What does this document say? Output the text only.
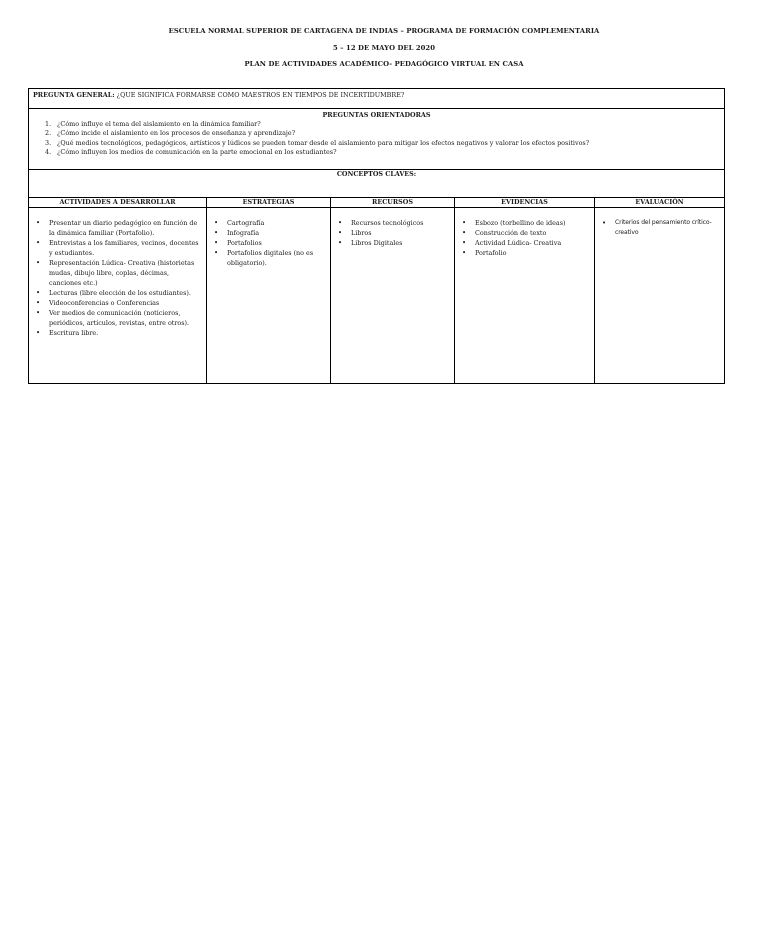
ESCUELA NORMAL SUPERIOR DE CARTAGENA DE INDIAS – PROGRAMA DE FORMACIÓN COMPLEMENTARIA
5 – 12 DE MAYO DEL 2020
PLAN DE ACTIVIDADES ACADÉMICO- PEDAGÓGICO VIRTUAL EN CASA
PREGUNTA GENERAL: ¿QUE SIGNIFICA FORMARSE COMO MAESTROS EN TIEMPOS DE INCERTIDUMBRE?
PREGUNTAS ORIENTADORAS
1. ¿Cómo influye el tema del aislamiento en la dinámica familiar?
2. ¿Cómo incide el aislamiento en los procesos de enseñanza y aprendizaje?
3. ¿Qué medios tecnológicos, pedagógicos, artísticos y lúdicos se pueden tomar desde el aislamiento para mitigar los efectos negativos y valorar los efectos positivos?
4. ¿Cómo influyen los medios de comunicación en la parte emocional en los estudiantes?
CONCEPTOS CLAVES:
ACTIVIDADES A DESARROLLAR
• Presentar un diario pedagógico en función de la dinámica familiar (Portafolio).
• Entrevistas a los familiares, vecinos, docentes y estudiantes.
• Representación Lúdica- Creativa (historietas mudas, dibujo libre, coplas, décimas, canciones etc.)
• Lecturas (libre elección de los estudiantes).
• Videoconferencias o Conferencias
• Ver medios de comunicación (noticieros, periódicos, artículos, revistas, entre otros).
• Escritura libre.
ESTRATEGIAS
• Cartografía
• Infografía
• Portafolios
• Portafolios digitales (no es obligatorio).
RECURSOS
• Recursos tecnológicos
• Libros
• Libros Digitales
EVIDENCIAS
• Esbozo (torbellino de ideas)
• Construcción de texto
• Actividad Lúdica- Creativa
• Portafolio
EVALUACIÓN
• Criterios del pensamiento crítico-creativo
